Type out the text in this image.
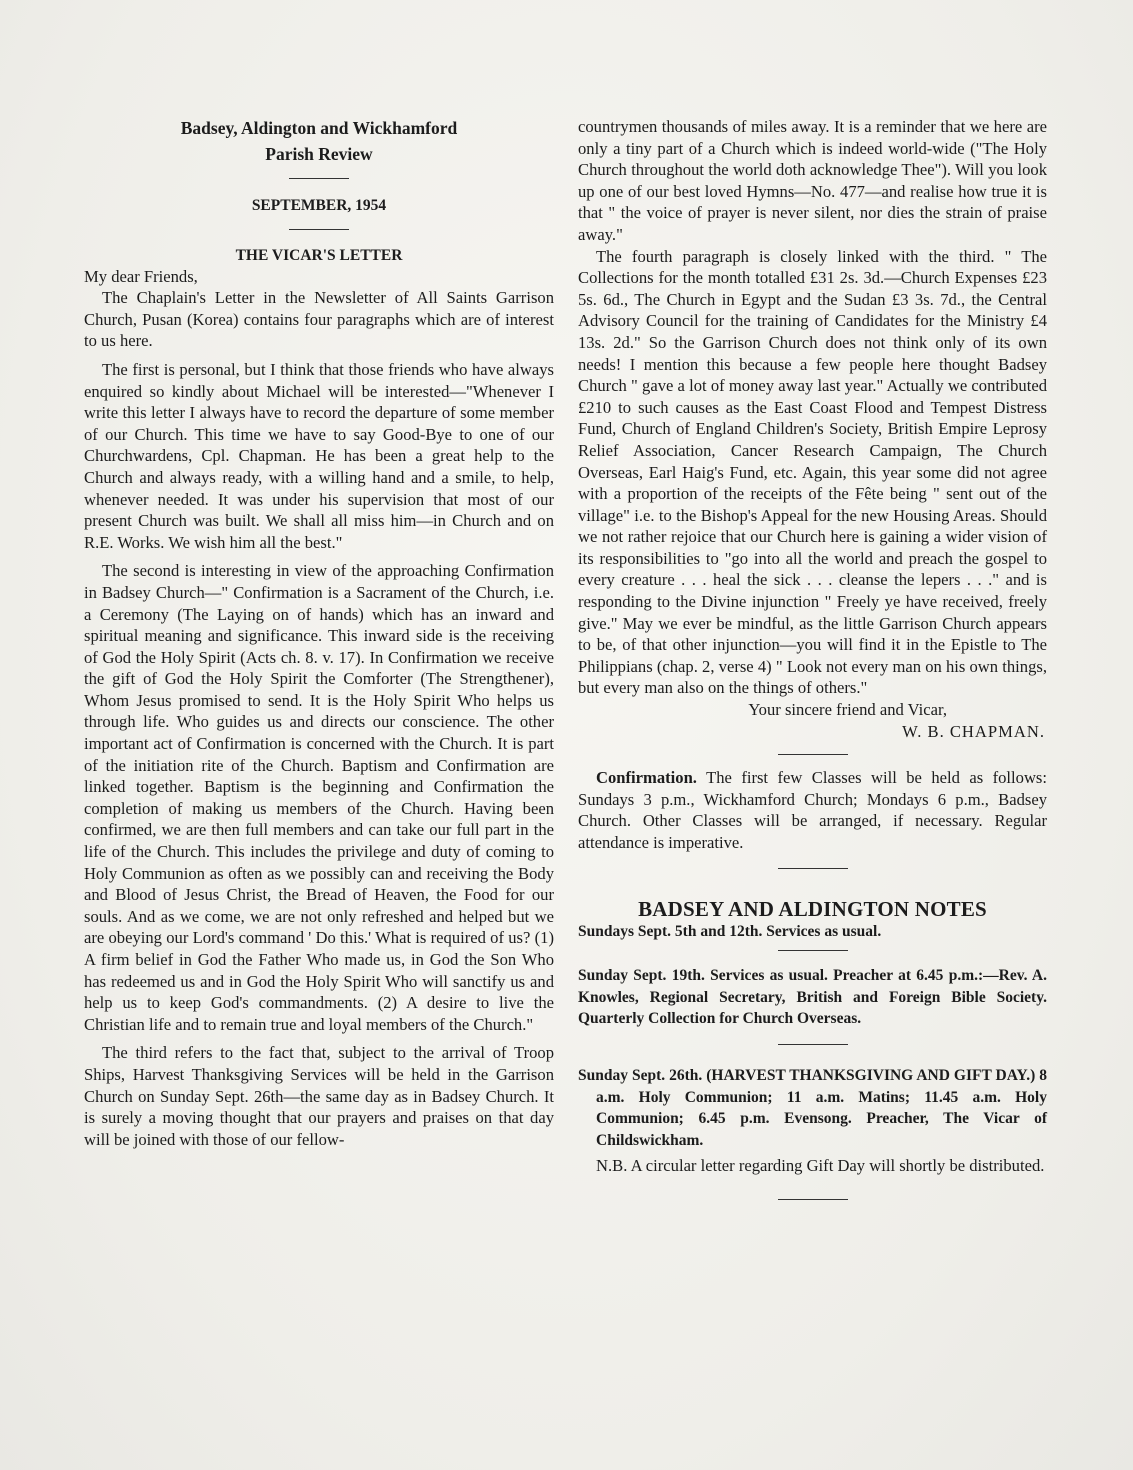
Badsey, Aldington and Wickhamford
Parish Review
SEPTEMBER, 1954
THE VICAR'S LETTER
My dear Friends,

The Chaplain's Letter in the Newsletter of All Saints Garrison Church, Pusan (Korea) contains four paragraphs which are of interest to us here.

The first is personal, but I think that those friends who have always enquired so kindly about Michael will be interested—"Whenever I write this letter I always have to record the departure of some member of our Church. This time we have to say Good-Bye to one of our Churchwardens, Cpl. Chapman. He has been a great help to the Church and always ready, with a willing hand and a smile, to help, whenever needed. It was under his supervision that most of our present Church was built. We shall all miss him—in Church and on R.E. Works. We wish him all the best."

The second is interesting in view of the approaching Confirmation in Badsey Church—" Confirmation is a Sacrament of the Church, i.e. a Ceremony (The Laying on of hands) which has an inward and spiritual meaning and significance. This inward side is the receiving of God the Holy Spirit (Acts ch. 8. v. 17). In Confirmation we receive the gift of God the Holy Spirit the Comforter (The Strengthener), Whom Jesus promised to send. It is the Holy Spirit Who helps us through life. Who guides us and directs our conscience. The other important act of Confirmation is concerned with the Church. It is part of the initiation rite of the Church. Baptism and Confirmation are linked together. Baptism is the beginning and Confirmation the completion of making us members of the Church. Having been confirmed, we are then full members and can take our full part in the life of the Church. This includes the privilege and duty of coming to Holy Communion as often as we possibly can and receiving the Body and Blood of Jesus Christ, the Bread of Heaven, the Food for our souls. And as we come, we are not only refreshed and helped but we are obeying our Lord's command ' Do this.' What is required of us? (1) A firm belief in God the Father Who made us, in God the Son Who has redeemed us and in God the Holy Spirit Who will sanctify us and help us to keep God's commandments. (2) A desire to live the Christian life and to remain true and loyal members of the Church."

The third refers to the fact that, subject to the arrival of Troop Ships, Harvest Thanksgiving Services will be held in the Garrison Church on Sunday Sept. 26th—the same day as in Badsey Church. It is surely a moving thought that our prayers and praises on that day will be joined with those of our fellow-

countrymen thousands of miles away. It is a reminder that we here are only a tiny part of a Church which is indeed world-wide ("The Holy Church throughout the world doth acknowledge Thee"). Will you look up one of our best loved Hymns—No. 477—and realise how true it is that " the voice of prayer is never silent, nor dies the strain of praise away."

The fourth paragraph is closely linked with the third. " The Collections for the month totalled £31 2s. 3d.—Church Expenses £23 5s. 6d., The Church in Egypt and the Sudan £3 3s. 7d., the Central Advisory Council for the training of Candidates for the Ministry £4 13s. 2d." So the Garrison Church does not think only of its own needs! I mention this because a few people here thought Badsey Church " gave a lot of money away last year." Actually we contributed £210 to such causes as the East Coast Flood and Tempest Distress Fund, Church of England Children's Society, British Empire Leprosy Relief Association, Cancer Research Campaign, The Church Overseas, Earl Haig's Fund, etc. Again, this year some did not agree with a proportion of the receipts of the Fête being " sent out of the village" i.e. to the Bishop's Appeal for the new Housing Areas. Should we not rather rejoice that our Church here is gaining a wider vision of its responsibilities to "go into all the world and preach the gospel to every creature . . . heal the sick . . . cleanse the lepers . . ." and is responding to the Divine injunction " Freely ye have received, freely give." May we ever be mindful, as the little Garrison Church appears to be, of that other injunction—you will find it in the Epistle to The Philippians (chap. 2, verse 4) " Look not every man on his own things, but every man also on the things of others."

Your sincere friend and Vicar,
W. B. CHAPMAN.

Confirmation. The first few Classes will be held as follows: Sundays 3 p.m., Wickhamford Church; Mondays 6 p.m., Badsey Church. Other Classes will be arranged, if necessary. Regular attendance is imperative.

BADSEY AND ALDINGTON NOTES
Sundays Sept. 5th and 12th. Services as usual.
Sunday Sept. 19th. Services as usual. Preacher at 6.45 p.m.:—Rev. A. Knowles, Regional Secretary, British and Foreign Bible Society. Quarterly Collection for Church Overseas.
Sunday Sept. 26th. (HARVEST THANKSGIVING AND GIFT DAY.) 8 a.m. Holy Communion; 11 a.m. Matins; 11.45 a.m. Holy Communion; 6.45 p.m. Evensong. Preacher, The Vicar of Childswickham.

N.B. A circular letter regarding Gift Day will shortly be distributed.
